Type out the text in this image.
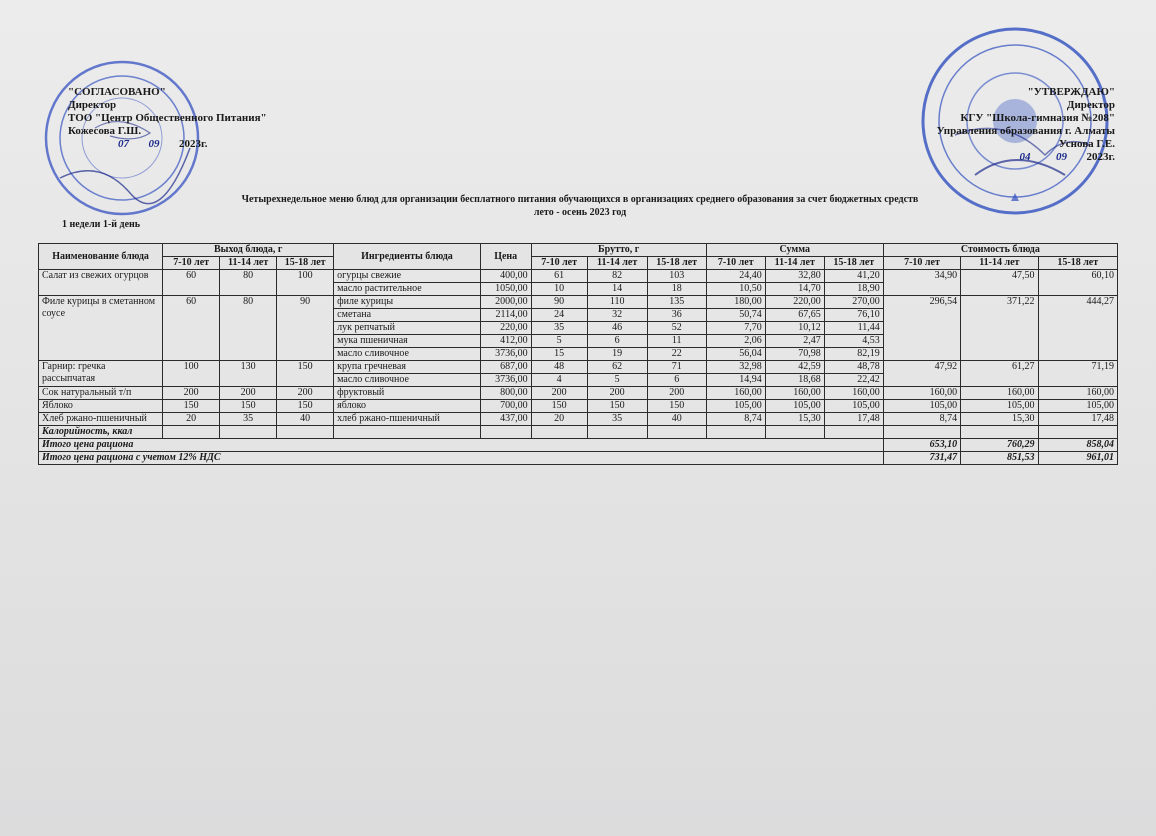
"СОГЛАСОВАНО"
Директор
ТОО "Центр Общественного Питания"
Кожесова Г.Ш.
07 09 2023г.
"УТВЕРЖДАЮ"
Директор
КГУ "Школа-гимназия №208"
Управления образования г. Алматы
Уснова Г.Е.
04 09 2023г.
Четырехнедельное меню блюд для организации бесплатного питания обучающихся в организациях среднего образования за счет бюджетных средств
лето - осень 2023 год
1 недели 1-й день
Наименование блюда	Выход блюда, г			Ингредиенты блюда	Цена	Брутто, г			Сумма			Стоимость блюда		
	7-10 лет	11-14 лет	15-18 лет			7-10 лет	11-14 лет	15-18 лет	7-10 лет	11-14 лет	15-18 лет	7-10 лет	11-14 лет	15-18 лет
Салат из свежих огурцов	60	80	100	огурцы свежие	400,00	61	82	103	24,40	32,80	41,20	34,90	47,50	60,10
				масло растительное	1050,00	10	14	18	10,50	14,70	18,90			
Филе курицы в сметанном соусе	60	80	90	филе курицы	2000,00	90	110	135	180,00	220,00	270,00	296,54	371,22	444,27
				сметана	2114,00	24	32	36	50,74	67,65	76,10			
				лук репчатый	220,00	35	46	52	7,70	10,12	11,44			
				мука пшеничная	412,00	5	6	11	2,06	2,47	4,53			
				масло сливочное	3736,00	15	19	22	56,04	70,98	82,19			
Гарнир: гречка рассыпчатая	100	130	150	крупа гречневая	687,00	48	62	71	32,98	42,59	48,78	47,92	61,27	71,19
				масло сливочное	3736,00	4	5	6	14,94	18,68	22,42			
Сок натуральный т/п	200	200	200	фруктовый	800,00	200	200	200	160,00	160,00	160,00	160,00	160,00	160,00
Яблоко	150	150	150	яблоко	700,00	150	150	150	105,00	105,00	105,00	105,00	105,00	105,00
Хлеб ржано-пшеничный	20	35	40	хлеб ржано-пшеничный	437,00	20	35	40	8,74	15,30	17,48	8,74	15,30	17,48
Калорийность, ккал														
Итого цена рациона												653,10	760,29	858,04
Итого цена рациона с учетом 12% НДС												731,47	851,53	961,01
